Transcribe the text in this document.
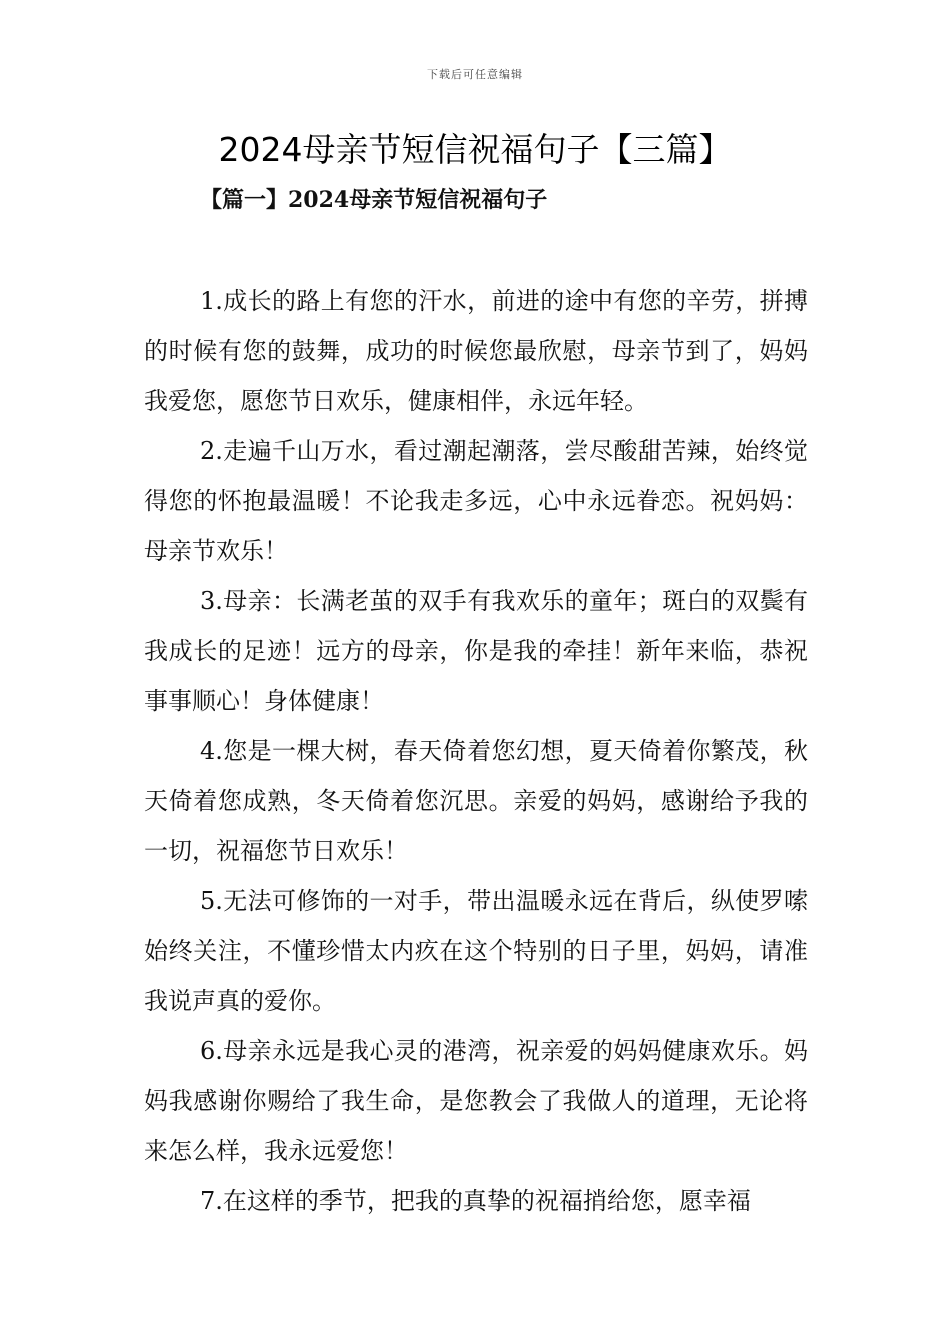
下载后可任意编辑
2024母亲节短信祝福句子【三篇】
【篇一】2024母亲节短信祝福句子

1.成长的路上有您的汗水，前进的途中有您的辛劳，拼搏的时候有您的鼓舞，成功的时候您最欣慰，母亲节到了，妈妈我爱您，愿您节日欢乐，健康相伴，永远年轻。

2.走遍千山万水，看过潮起潮落，尝尽酸甜苦辣，始终觉得您的怀抱最温暖！不论我走多远，心中永远眷恋。祝妈妈：母亲节欢乐！

3.母亲：长满老茧的双手有我欢乐的童年；斑白的双鬓有我成长的足迹！远方的母亲，你是我的牵挂！新年来临，恭祝事事顺心！身体健康！

4.您是一棵大树，春天倚着您幻想，夏天倚着你繁茂，秋天倚着您成熟，冬天倚着您沉思。亲爱的妈妈，感谢给予我的一切，祝福您节日欢乐！

5.无法可修饰的一对手，带出温暖永远在背后，纵使罗嗦始终关注，不懂珍惜太内疚在这个特别的日子里，妈妈，请准我说声真的爱你。

6.母亲永远是我心灵的港湾，祝亲爱的妈妈健康欢乐。妈妈我感谢你赐给了我生命，是您教会了我做人的道理，无论将来怎么样，我永远爱您！

7.在这样的季节，把我的真挚的祝福捎给您，愿幸福
